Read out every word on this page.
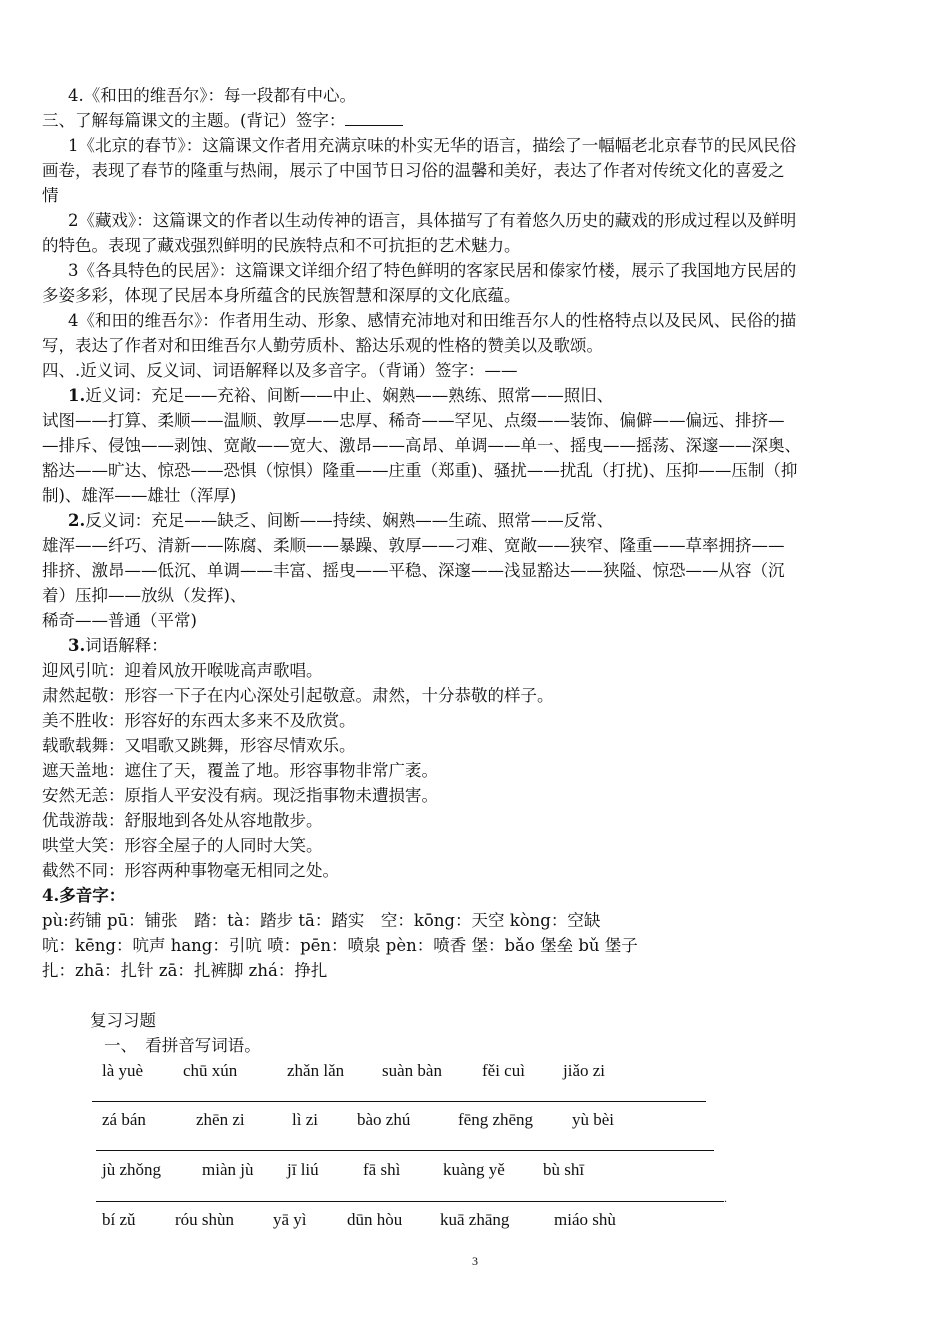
4.《和田的维吾尔》：每一段都有中心。
三、了解每篇课文的主题。(背记）签字：
1《北京的春节》：这篇课文作者用充满京味的朴实无华的语言，描绘了一幅幅老北京春节的民风民俗
画卷，表现了春节的隆重与热闹，展示了中国节日习俗的温馨和美好，表达了作者对传统文化的喜爱之
情
2《藏戏》：这篇课文的作者以生动传神的语言，具体描写了有着悠久历史的藏戏的形成过程以及鲜明
的特色。表现了藏戏强烈鲜明的民族特点和不可抗拒的艺术魅力。
3《各具特色的民居》：这篇课文详细介绍了特色鲜明的客家民居和傣家竹楼，展示了我国地方民居的
多姿多彩，体现了民居本身所蕴含的民族智慧和深厚的文化底蕴。
4《和田的维吾尔》：作者用生动、形象、感情充沛地对和田维吾尔人的性格特点以及民风、民俗的描
写，表达了作者对和田维吾尔人勤劳质朴、豁达乐观的性格的赞美以及歌颂。
四、.近义词、反义词、词语解释以及多音字。（背诵）签字：——
1.近义词：充足——充裕、间断——中止、娴熟——熟练、照常——照旧、
试图——打算、柔顺——温顺、敦厚——忠厚、稀奇——罕见、点缀——装饰、偏僻——偏远、排挤—
—排斥、侵蚀——剥蚀、宽敞——宽大、激昂——高昂、单调——单一、摇曳——摇荡、深邃——深奥、
豁达——旷达、惊恐——恐惧（惊惧）隆重——庄重（郑重)、骚扰——扰乱（打扰)、压抑——压制（抑
制)、雄浑——雄壮（浑厚)
2.反义词：充足——缺乏、间断——持续、娴熟——生疏、照常——反常、
雄浑——纤巧、清新——陈腐、柔顺——暴躁、敦厚——刁难、宽敞——狭窄、隆重——草率拥挤——
排挤、激昂——低沉、单调——丰富、摇曳——平稳、深邃——浅显豁达——狭隘、惊恐——从容（沉
着）压抑——放纵（发挥)、
稀奇——普通（平常)
3.词语解释：
迎风引吭：迎着风放开喉咙高声歌唱。
肃然起敬：形容一下子在内心深处引起敬意。肃然，十分恭敬的样子。
美不胜收：形容好的东西太多来不及欣赏。
载歌载舞：又唱歌又跳舞，形容尽情欢乐。
遮天盖地：遮住了天，覆盖了地。形容事物非常广袤。
安然无恙：原指人平安没有病。现泛指事物未遭损害。
优哉游哉：舒服地到各处从容地散步。
哄堂大笑：形容全屋子的人同时大笑。
截然不同：形容两种事物毫无相同之处。
4.多音字：
pù:药铺 pū：铺张　踏：tà：踏步 tā：踏实　空：kōng：天空 kòng：空缺
吭：kēng：吭声 hang：引吭 喷：pēn：喷泉 pèn：喷香 堡：bǎo 堡垒 bǔ 堡子
扎：zhā：扎针 zā：扎裤脚 zhá：挣扎
复习习题
一、　看拼音写词语。
là yuè chū xún	zhǎn lǎn suàn bàn fěi cuì jiǎo zi
zá bán	zhēn zi	lì zi bào zhú	fēng zhēng yù bèi
jù zhǒng miàn jù jī liú	fā shì	kuàng yě bù shī
.
bí zǔ róu shùn yā yì dūn hòu kuā zhāng	miáo shù
3
